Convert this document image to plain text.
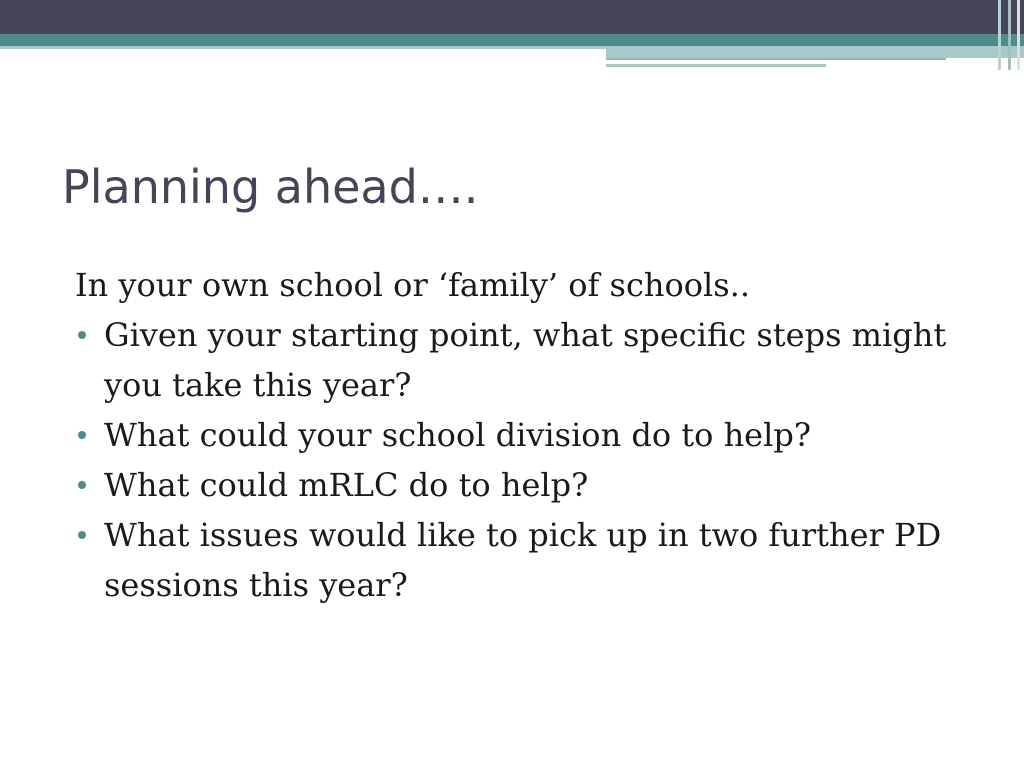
Planning ahead….

In your own school or ‘family’ of schools..

Given your starting point, what specific steps might you take this year?
What could your school division do to help?
What could mRLC do to help?
What issues would like to pick up in two further PD sessions this year?
